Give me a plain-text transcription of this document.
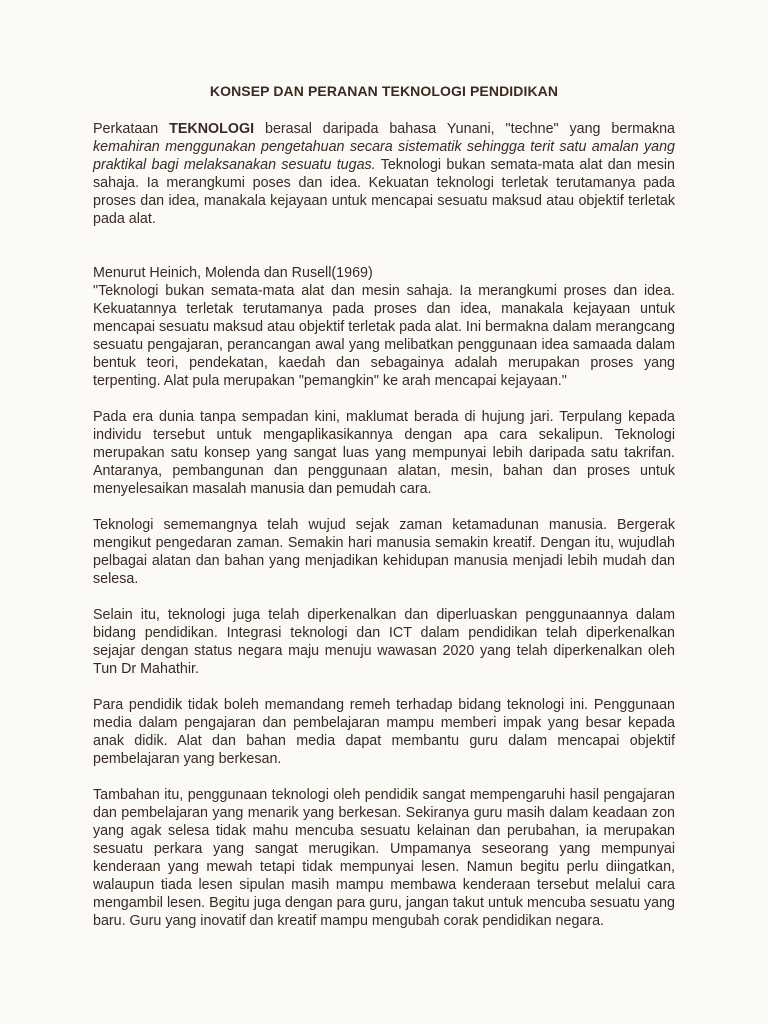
KONSEP DAN PERANAN TEKNOLOGI PENDIDIKAN

Perkataan TEKNOLOGI berasal daripada bahasa Yunani, "techne" yang bermakna kemahiran menggunakan pengetahuan secara sistematik sehingga terit satu amalan yang praktikal bagi melaksanakan sesuatu tugas. Teknologi bukan semata-mata alat dan mesin sahaja. Ia merangkumi poses dan idea. Kekuatan teknologi terletak terutamanya pada proses dan idea, manakala kejayaan untuk mencapai sesuatu maksud atau objektif terletak pada alat.

Menurut Heinich, Molenda dan Rusell(1969)
"Teknologi bukan semata-mata alat dan mesin sahaja. Ia merangkumi proses dan idea. Kekuatannya terletak terutamanya pada proses dan idea, manakala kejayaan untuk mencapai sesuatu maksud atau objektif terletak pada alat. Ini bermakna dalam merangcang sesuatu pengajaran, perancangan awal yang melibatkan penggunaan idea samaada dalam bentuk teori, pendekatan, kaedah dan sebagainya adalah merupakan proses yang terpenting. Alat pula merupakan "pemangkin" ke arah mencapai kejayaan."

Pada era dunia tanpa sempadan kini, maklumat berada di hujung jari. Terpulang kepada individu tersebut untuk mengaplikasikannya dengan apa cara sekalipun. Teknologi merupakan satu konsep yang sangat luas yang mempunyai lebih daripada satu takrifan. Antaranya, pembangunan dan penggunaan alatan, mesin, bahan dan proses untuk menyelesaikan masalah manusia dan pemudah cara.

Teknologi sememangnya telah wujud sejak zaman ketamadunan manusia. Bergerak mengikut pengedaran zaman. Semakin hari manusia semakin kreatif. Dengan itu, wujudlah pelbagai alatan dan bahan yang menjadikan kehidupan manusia menjadi lebih mudah dan selesa.

Selain itu, teknologi juga telah diperkenalkan dan diperluaskan penggunaannya dalam bidang pendidikan. Integrasi teknologi dan ICT dalam pendidikan telah diperkenalkan sejajar dengan status negara maju menuju wawasan 2020 yang telah diperkenalkan oleh Tun Dr Mahathir.

Para pendidik tidak boleh memandang remeh terhadap bidang teknologi ini. Penggunaan media dalam pengajaran dan pembelajaran mampu memberi impak yang besar kepada anak didik. Alat dan bahan media dapat membantu guru dalam mencapai objektif pembelajaran yang berkesan.

Tambahan itu, penggunaan teknologi oleh pendidik sangat mempengaruhi hasil pengajaran dan pembelajaran yang menarik yang berkesan. Sekiranya guru masih dalam keadaan zon yang agak selesa tidak mahu mencuba sesuatu kelainan dan perubahan, ia merupakan sesuatu perkara yang sangat merugikan. Umpamanya seseorang yang mempunyai kenderaan yang mewah tetapi tidak mempunyai lesen. Namun begitu perlu diingatkan, walaupun tiada lesen sipulan masih mampu membawa kenderaan tersebut melalui cara mengambil lesen. Begitu juga dengan para guru, jangan takut untuk mencuba sesuatu yang baru. Guru yang inovatif dan kreatif mampu mengubah corak pendidikan negara.
